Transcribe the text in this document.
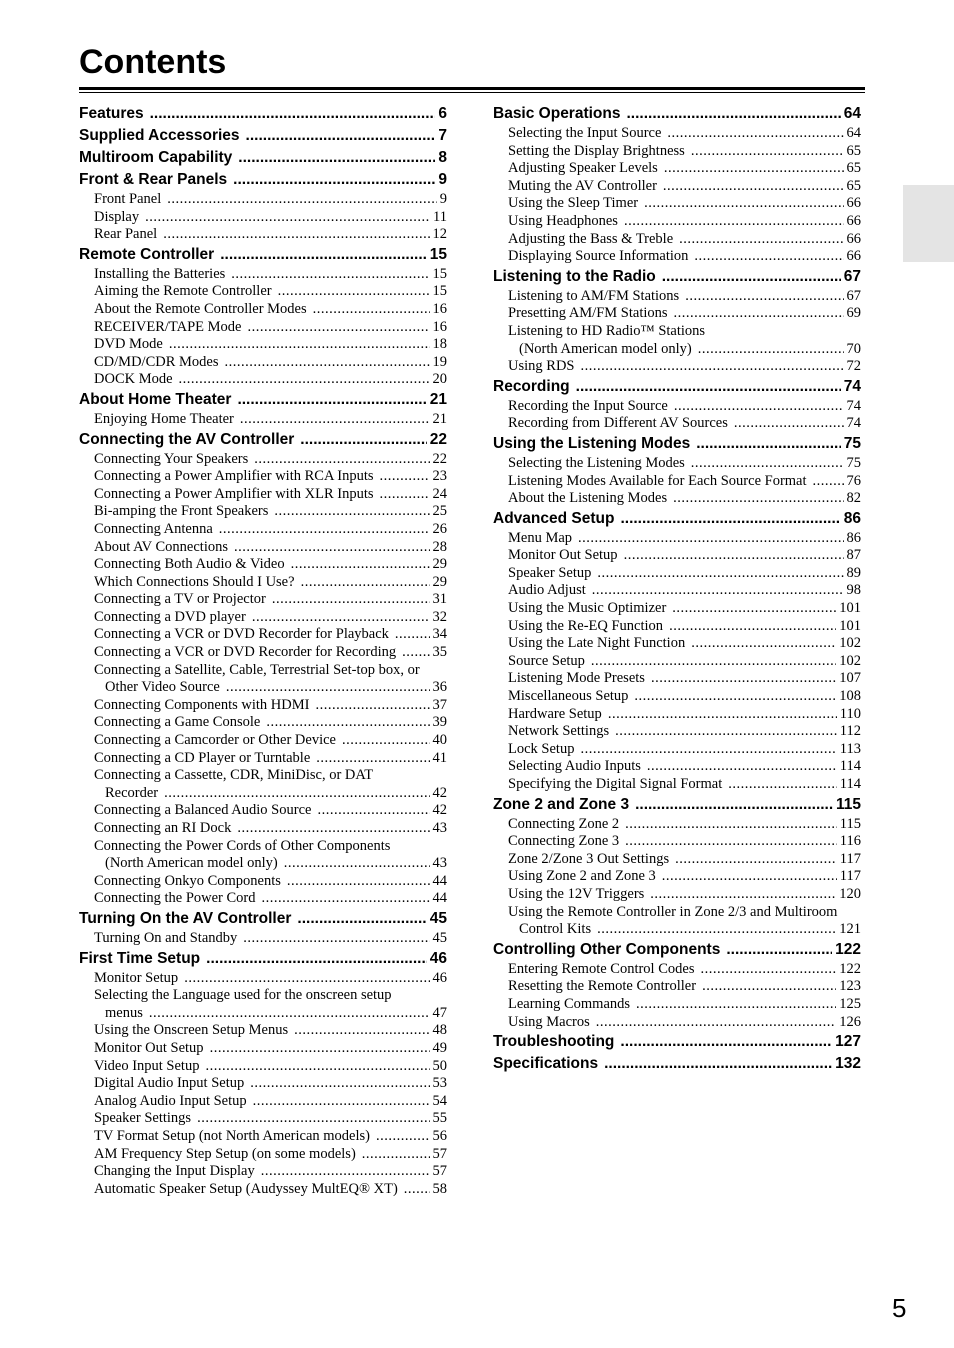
Contents
Features .....	6
Supplied Accessories .....	7
Multiroom Capability .....	8
Front & Rear Panels .....	9
Front Panel .....	9
Display .....	11
Rear Panel .....	12
Remote Controller .....	15
Installing the Batteries .....	15
Aiming the Remote Controller .....	15
About the Remote Controller Modes .....	16
RECEIVER/TAPE Mode .....	16
DVD Mode .....	18
CD/MD/CDR Modes .....	19
DOCK Mode .....	20
About Home Theater .....	21
Enjoying Home Theater .....	21
Connecting the AV Controller .....	22
Connecting Your Speakers .....	22
Connecting a Power Amplifier with RCA Inputs .....	23
Connecting a Power Amplifier with XLR Inputs .....	24
Bi-amping the Front Speakers .....	25
Connecting Antenna .....	26
About AV Connections .....	28
Connecting Both Audio & Video .....	29
Which Connections Should I Use? .....	29
Connecting a TV or Projector .....	31
Connecting a DVD player .....	32
Connecting a VCR or DVD Recorder for Playback .....	34
Connecting a VCR or DVD Recorder for Recording .....	35
Connecting a Satellite, Cable, Terrestrial Set-top box, or
Other Video Source .....	36
Connecting Components with HDMI .....	37
Connecting a Game Console .....	39
Connecting a Camcorder or Other Device .....	40
Connecting a CD Player or Turntable .....	41
Connecting a Cassette, CDR, MiniDisc, or DAT
Recorder .....	42
Connecting a Balanced Audio Source .....	42
Connecting an RI Dock .....	43
Connecting the Power Cords of Other Components
(North American model only) .....	43
Connecting Onkyo Components .....	44
Connecting the Power Cord .....	44
Turning On the AV Controller .....	45
Turning On and Standby .....	45
First Time Setup .....	46
Monitor Setup .....	46
Selecting the Language used for the onscreen setup
menus .....	47
Using the Onscreen Setup Menus .....	48
Monitor Out Setup .....	49
Video Input Setup .....	50
Digital Audio Input Setup .....	53
Analog Audio Input Setup .....	54
Speaker Settings .....	55
TV Format Setup (not North American models) .....	56
AM Frequency Step Setup (on some models) .....	57
Changing the Input Display .....	57
Automatic Speaker Setup (Audyssey MultEQ® XT) ..... 58
Basic Operations .....	64
Selecting the Input Source .....	64
Setting the Display Brightness .....	65
Adjusting Speaker Levels .....	65
Muting the AV Controller .....	65
Using the Sleep Timer .....	66
Using Headphones .....	66
Adjusting the Bass & Treble .....	66
Displaying Source Information .....	66
Listening to the Radio .....	67
Listening to AM/FM Stations .....	67
Presetting AM/FM Stations .....	69
Listening to HD Radio™ Stations
(North American model only) .....	70
Using RDS .....	72
Recording .....	74
Recording the Input Source .....	74
Recording from Different AV Sources .....	74
Using the Listening Modes .....	75
Selecting the Listening Modes .....	75
Listening Modes Available for Each Source Format .....	76
About the Listening Modes .....	82
Advanced Setup .....	86
Menu Map .....	86
Monitor Out Setup .....	87
Speaker Setup .....	89
Audio Adjust .....	98
Using the Music Optimizer .....	101
Using the Re-EQ Function .....	101
Using the Late Night Function .....	102
Source Setup .....	102
Listening Mode Presets .....	107
Miscellaneous Setup .....	108
Hardware Setup .....	110
Network Settings .....	112
Lock Setup .....	113
Selecting Audio Inputs .....	114
Specifying the Digital Signal Format .....	114
Zone 2 and Zone 3 .....	115
Connecting Zone 2 .....	115
Connecting Zone 3 .....	116
Zone 2/Zone 3 Out Settings .....	117
Using Zone 2 and Zone 3 .....	117
Using the 12V Triggers .....	120
Using the Remote Controller in Zone 2/3 and Multiroom
Control Kits .....	121
Controlling Other Components .....	122
Entering Remote Control Codes .....	122
Resetting the Remote Controller .....	123
Learning Commands .....	125
Using Macros .....	126
Troubleshooting .....	127
Specifications .....	132
5
